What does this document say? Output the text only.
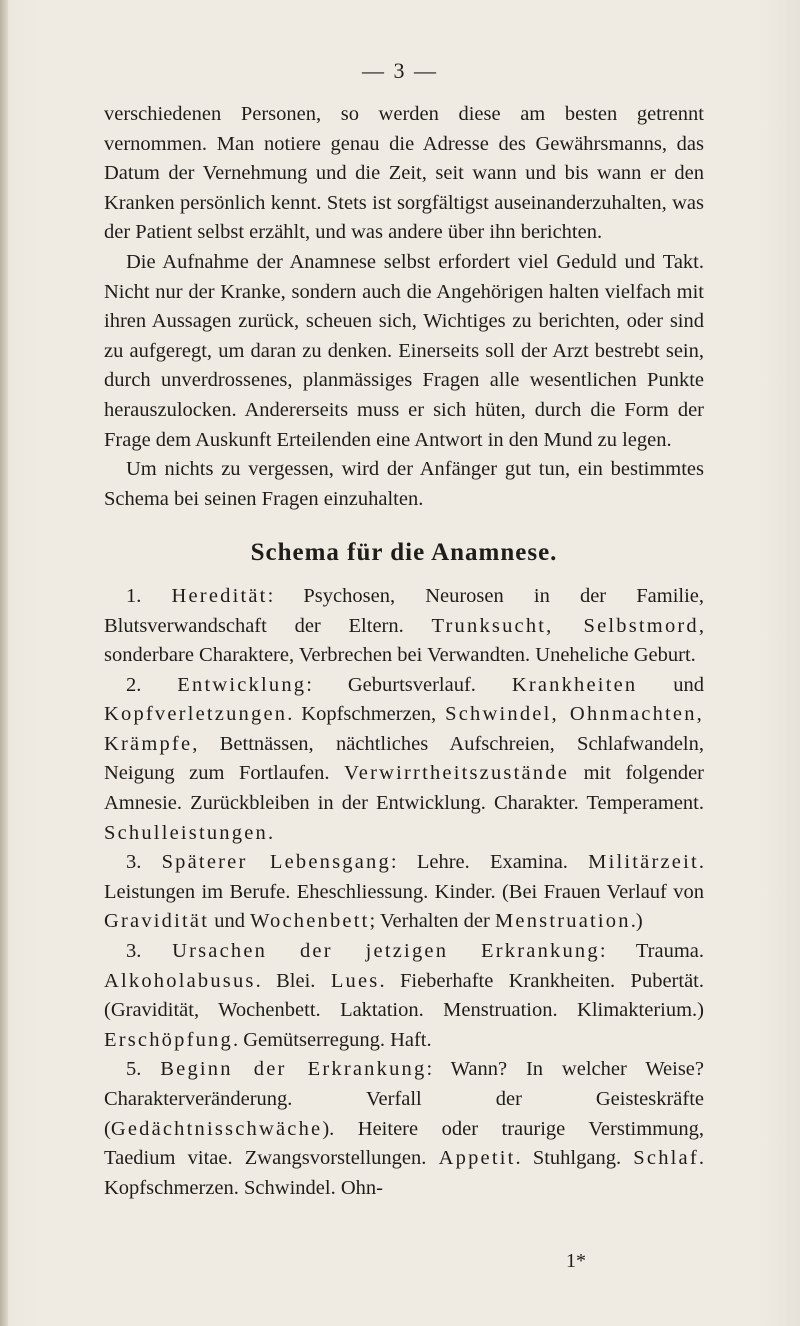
— 3 —

verschiedenen Personen, so werden diese am besten getrennt vernommen. Man notiere genau die Adresse des Gewährsmanns, das Datum der Vernehmung und die Zeit, seit wann und bis wann er den Kranken persönlich kennt. Stets ist sorgfältigst auseinanderzuhalten, was der Patient selbst erzählt, und was andere über ihn berichten.

Die Aufnahme der Anamnese selbst erfordert viel Geduld und Takt. Nicht nur der Kranke, sondern auch die Angehörigen halten vielfach mit ihren Aussagen zurück, scheuen sich, Wichtiges zu berichten, oder sind zu aufgeregt, um daran zu denken. Einerseits soll der Arzt bestrebt sein, durch unverdrossenes, planmässiges Fragen alle wesentlichen Punkte herauszulocken. Andererseits muss er sich hüten, durch die Form der Frage dem Auskunft Erteilenden eine Antwort in den Mund zu legen.

Um nichts zu vergessen, wird der Anfänger gut tun, ein bestimmtes Schema bei seinen Fragen einzuhalten.

Schema für die Anamnese.

1. Heredität: Psychosen, Neurosen in der Familie, Blutsverwandschaft der Eltern. Trunksucht, Selbstmord, sonderbare Charaktere, Verbrechen bei Verwandten. Uneheliche Geburt.

2. Entwicklung: Geburtsverlauf. Krankheiten und Kopfverletzungen. Kopfschmerzen, Schwindel, Ohnmachten, Krämpfe, Bettnässen, nächtliches Aufschreien, Schlafwandeln, Neigung zum Fortlaufen. Verwirrtheitszustände mit folgender Amnesie. Zurückbleiben in der Entwicklung. Charakter. Temperament. Schulleistungen.

3. Späterer Lebensgang: Lehre. Examina. Militärzeit. Leistungen im Berufe. Eheschliessung. Kinder. (Bei Frauen Verlauf von Gravidität und Wochenbett; Verhalten der Menstruation.)

3. Ursachen der jetzigen Erkrankung: Trauma. Alkoholabusus. Blei. Lues. Fieberhafte Krankheiten. Pubertät. (Gravidität, Wochenbett. Laktation. Menstruation. Klimakterium.) Erschöpfung. Gemütserregung. Haft.

5. Beginn der Erkrankung: Wann? In welcher Weise? Charakterveränderung. Verfall der Geisteskräfte (Gedächtnisschwäche). Heitere oder traurige Verstimmung, Taedium vitae. Zwangsvorstellungen. Appetit. Stuhlgang. Schlaf. Kopfschmerzen. Schwindel. Ohn-

1*
